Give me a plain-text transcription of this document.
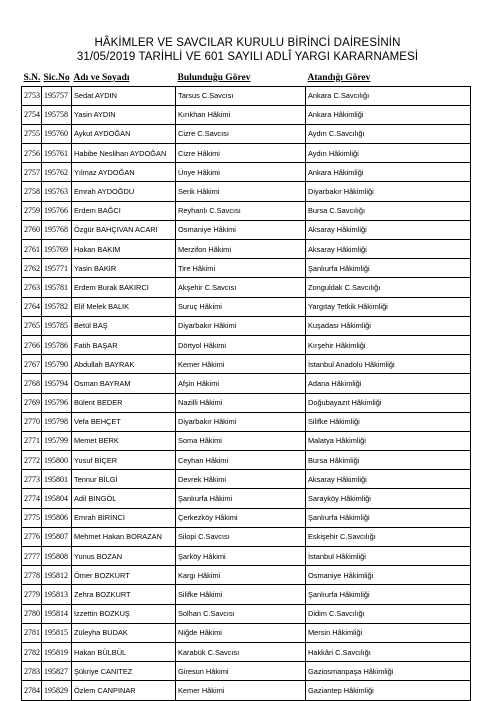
HÂKİMLER VE SAVCILAR KURULU BİRİNCİ DAİRESİNİN
31/05/2019 TARİHLİ VE 601 SAYILI ADLÎ YARGI KARARNAMESİ
S.N.	Sic.No	Adı ve Soyadı	Bulunduğu Görev	Atandığı Görev
2753	195757	Sedat AYDIN	Tarsus C.Savcısı	Ankara C.Savcılığı
2754	195758	Yasin AYDIN	Kırıkhan Hâkimi	Ankara Hâkimliği
2755	195760	Aykut AYDOĞAN	Cizre C.Savcısı	Aydın C.Savcılığı
2756	195761	Habibe Neslihan AYDOĞAN	Cizre Hâkimi	Aydın Hâkimliği
2757	195762	Yılmaz AYDOĞAN	Ünye Hâkimi	Ankara Hâkimliği
2758	195763	Emrah AYDOĞDU	Serik Hâkimi	Diyarbakır Hâkimliği
2759	195766	Erdem BAĞCI	Reyhanlı C.Savcısı	Bursa C.Savcılığı
2760	195768	Özgür BAHÇIVAN ACARI	Osmaniye Hâkimi	Aksaray Hâkimliği
2761	195769	Hakan BAKIM	Merzifon Hâkimi	Aksaray Hâkimliği
2762	195771	Yasin BAKIR	Tire Hâkimi	Şanlıurfa Hâkimliği
2763	195781	Erdem Burak BAKIRCI	Akşehir C.Savcısı	Zonguldak C.Savcılığı
2764	195782	Elif Melek BALIK	Suruç Hâkimi	Yargıtay Tetkik Hâkimliği
2765	195785	Betül BAŞ	Diyarbakır Hâkimi	Kuşadası Hâkimliği
2766	195786	Fatih BAŞAR	Dörtyol Hâkimi	Kırşehir Hâkimliği
2767	195790	Abdullah BAYRAK	Kemer Hâkimi	İstanbul Anadolu Hâkimliği
2768	195794	Osman BAYRAM	Afşin Hâkimi	Adana Hâkimliği
2769	195796	Bülent BEDER	Nazilli Hâkimi	Doğubayazıt Hâkimliği
2770	195798	Vefa BEHÇET	Diyarbakır Hâkimi	Silifke Hâkimliği
2771	195799	Memet BERK	Soma Hâkimi	Malatya Hâkimliği
2772	195800	Yusuf BİÇER	Ceyhan Hâkimi	Bursa Hâkimliği
2773	195801	Tennur BİLGİ	Devrek Hâkimi	Aksaray Hâkimliği
2774	195804	Adil BİNGÖL	Şanlıurfa Hâkimi	Sarayköy Hâkimliği
2775	195806	Emrah BİRİNCİ	Çerkezköy Hâkimi	Şanlıurfa Hâkimliği
2776	195807	Mehmet Hakan BORAZAN	Silopi C.Savcısı	Eskişehir C.Savcılığı
2777	195808	Yunus BOZAN	Şarköy Hâkimi	İstanbul Hâkimliği
2778	195812	Ömer BOZKURT	Kargı Hâkimi	Osmaniye Hâkimliği
2779	195813	Zehra BOZKURT	Silifke Hâkimi	Şanlıurfa Hâkimliği
2780	195814	İzzettin BOZKUŞ	Solhan C.Savcısı	Didim C.Savcılığı
2781	195815	Züleyha BUDAK	Niğde Hâkimi	Mersin Hâkimliği
2782	195819	Hakan BÜLBÜL	Karabük C.Savcısı	Hakkâri C.Savcılığı
2783	195827	Şükriye CANITEZ	Giresun Hâkimi	Gaziosmanpaşa Hâkimliği
2784	195829	Özlem CANPINAR	Kemer Hâkimi	Gaziantep Hâkimliği
